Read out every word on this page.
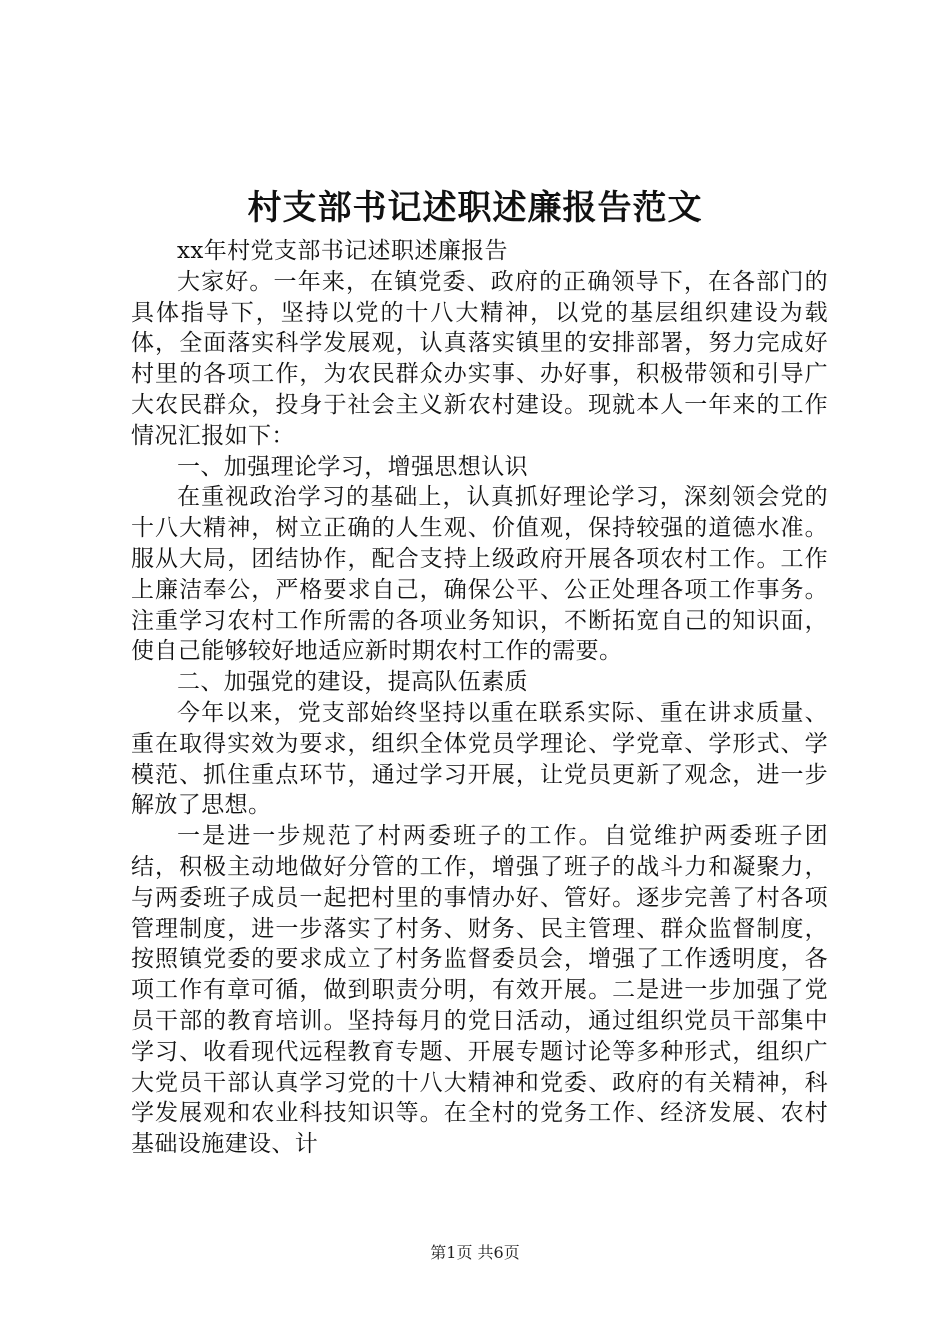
村支部书记述职述廉报告范文

xx年村党支部书记述职述廉报告

大家好。一年来，在镇党委、政府的正确领导下，在各部门的具体指导下，坚持以党的十八大精神，以党的基层组织建设为载体，全面落实科学发展观，认真落实镇里的安排部署，努力完成好村里的各项工作，为农民群众办实事、办好事，积极带领和引导广大农民群众，投身于社会主义新农村建设。现就本人一年来的工作情况汇报如下：

一、加强理论学习，增强思想认识

在重视政治学习的基础上，认真抓好理论学习，深刻领会党的十八大精神，树立正确的人生观、价值观，保持较强的道德水准。服从大局，团结协作，配合支持上级政府开展各项农村工作。工作上廉洁奉公，严格要求自己，确保公平、公正处理各项工作事务。注重学习农村工作所需的各项业务知识，不断拓宽自己的知识面，使自己能够较好地适应新时期农村工作的需要。

二、加强党的建设，提高队伍素质

今年以来，党支部始终坚持以重在联系实际、重在讲求质量、重在取得实效为要求，组织全体党员学理论、学党章、学形式、学模范、抓住重点环节，通过学习开展，让党员更新了观念，进一步解放了思想。

一是进一步规范了村两委班子的工作。自觉维护两委班子团结，积极主动地做好分管的工作，增强了班子的战斗力和凝聚力，与两委班子成员一起把村里的事情办好、管好。逐步完善了村各项管理制度，进一步落实了村务、财务、民主管理、群众监督制度，按照镇党委的要求成立了村务监督委员会，增强了工作透明度，各项工作有章可循，做到职责分明，有效开展。二是进一步加强了党员干部的教育培训。坚持每月的党日活动，通过组织党员干部集中学习、收看现代远程教育专题、开展专题讨论等多种形式，组织广大党员干部认真学习党的十八大精神和党委、政府的有关精神，科学发展观和农业科技知识等。在全村的党务工作、经济发展、农村基础设施建设、计

第1页 共6页
